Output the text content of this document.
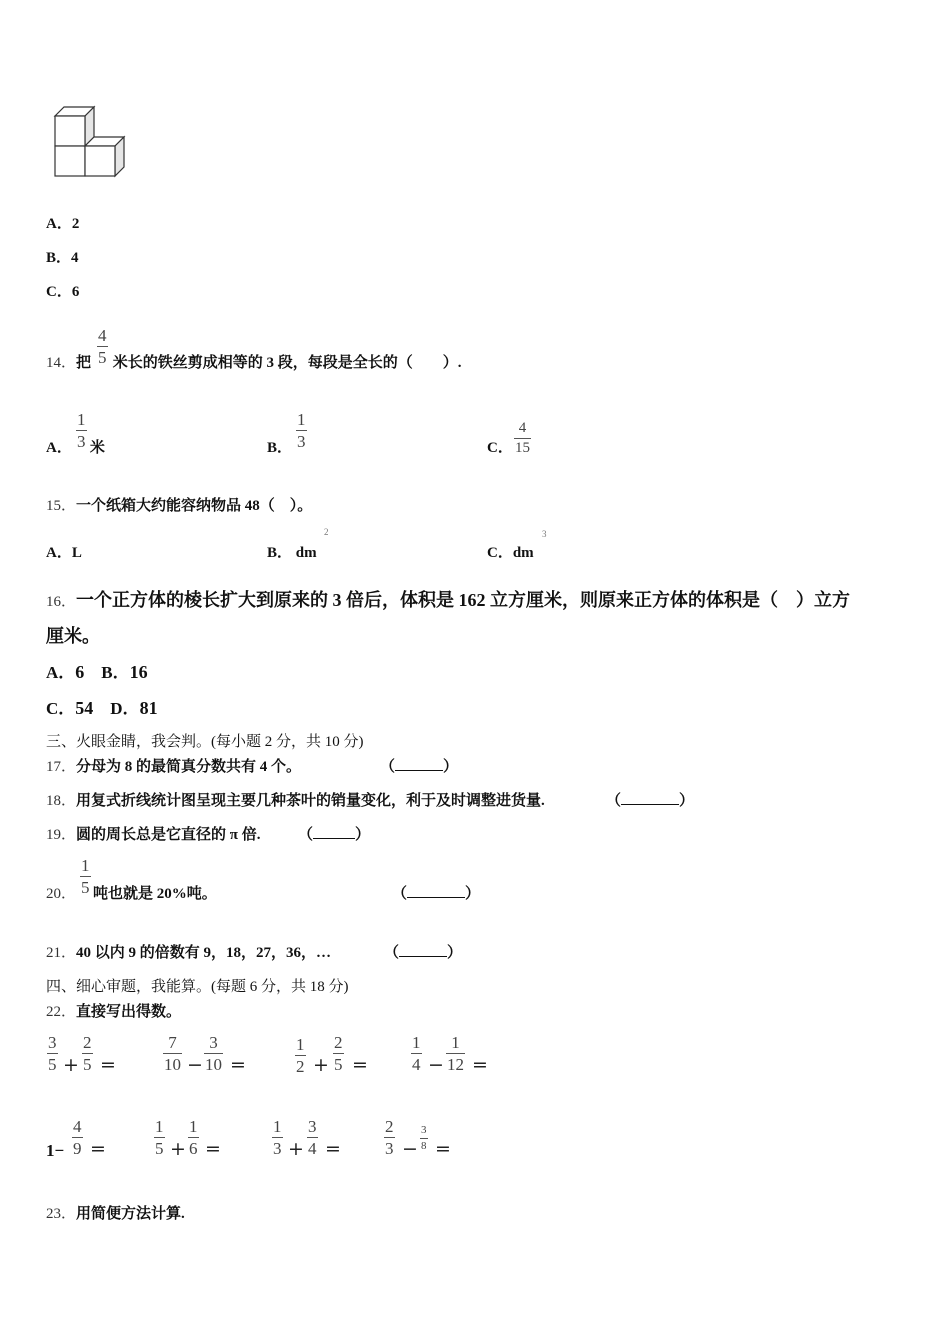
A．2
B．4
C．6
14．把 米长的铁丝剪成相等的 3 段，每段是全长的（　　）.
4
5
A． 米
1
3	B．
1
3	C．
4
15
15．一个纸箱大约能容纳物品 48（　）。
A．L	B． dm
2
C．dm
3
16．一个正方体的棱长扩大到原来的 3 倍后，体积是 162 立方厘米，则原来正方体的体积是（　）立方
厘米。
A．6 B．16
C．54 D．81
三、火眼金睛，我会判。(每小题 2 分，共 10 分)
17．分母为 8 的最简真分数共有 4 个。	（	）
18．用复式折线统计图呈现主要几种茶叶的销量变化，利于及时调整进货量.	（	）
19．圆的周长总是它直径的 π 倍.	（	）
20． 吨也就是 20%吨。
1
5	（	）
21．40 以内 9 的倍数有 9，18，27，36，…	（	）
四、细心审题，我能算。(每题 6 分，共 18 分)
22．直接写出得数。
3
5 +
2
5 =
7
10 −
3
10 =
1
2 +
2
5 =
1
4 −
1
12 =
1−
4
9 =
1
5 +
1
6 =
1
3 +
3
4 =
2
3 −
3
8 =
23．用简便方法计算.
